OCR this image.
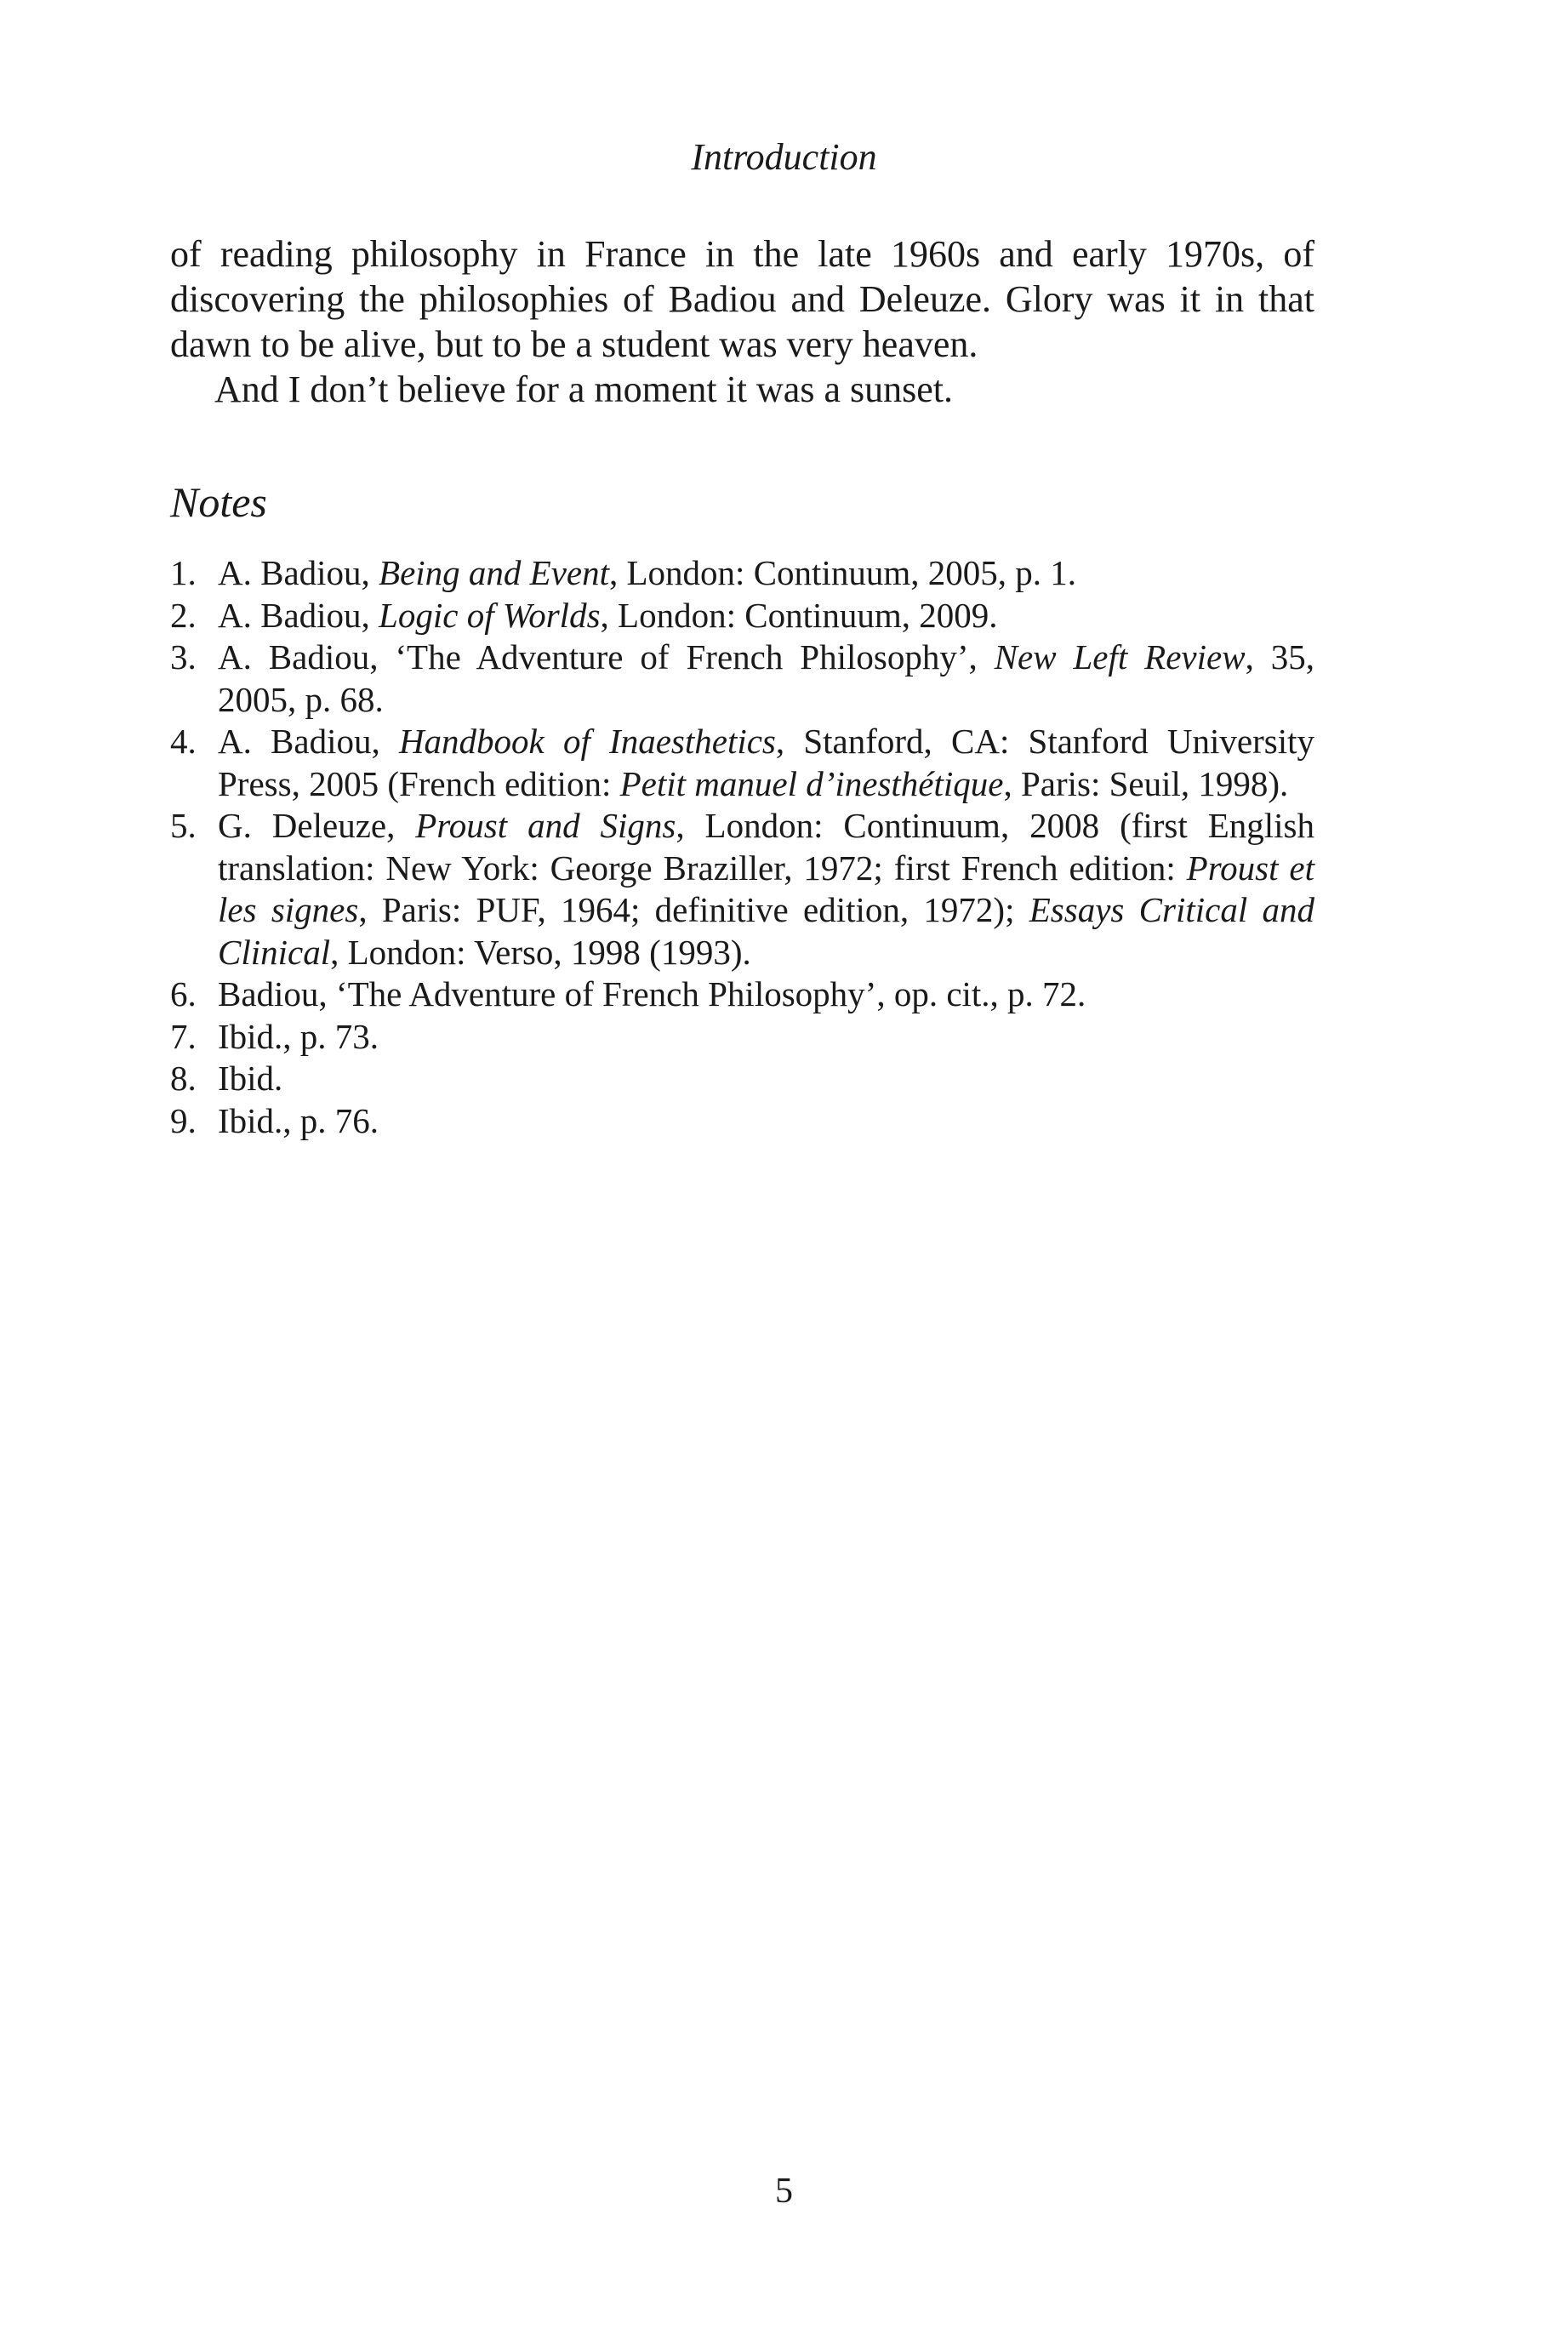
Introduction

of reading philosophy in France in the late 1960s and early 1970s, of discovering the philosophies of Badiou and Deleuze. Glory was it in that dawn to be alive, but to be a student was very heaven.

And I don’t believe for a moment it was a sunset.

Notes
1. A. Badiou, Being and Event, London: Continuum, 2005, p. 1.
2. A. Badiou, Logic of Worlds, London: Continuum, 2009.
3. A. Badiou, ‘The Adventure of French Philosophy’, New Left Review, 35, 2005, p. 68.
4. A. Badiou, Handbook of Inaesthetics, Stanford, CA: Stanford University Press, 2005 (French edition: Petit manuel d’inesthétique, Paris: Seuil, 1998).
5. G. Deleuze, Proust and Signs, London: Continuum, 2008 (first English translation: New York: George Braziller, 1972; first French edition: Proust et les signes, Paris: PUF, 1964; definitive edition, 1972); Essays Critical and Clinical, London: Verso, 1998 (1993).
6. Badiou, ‘The Adventure of French Philosophy’, op. cit., p. 72.
7. Ibid., p. 73.
8. Ibid.
9. Ibid., p. 76.
5
